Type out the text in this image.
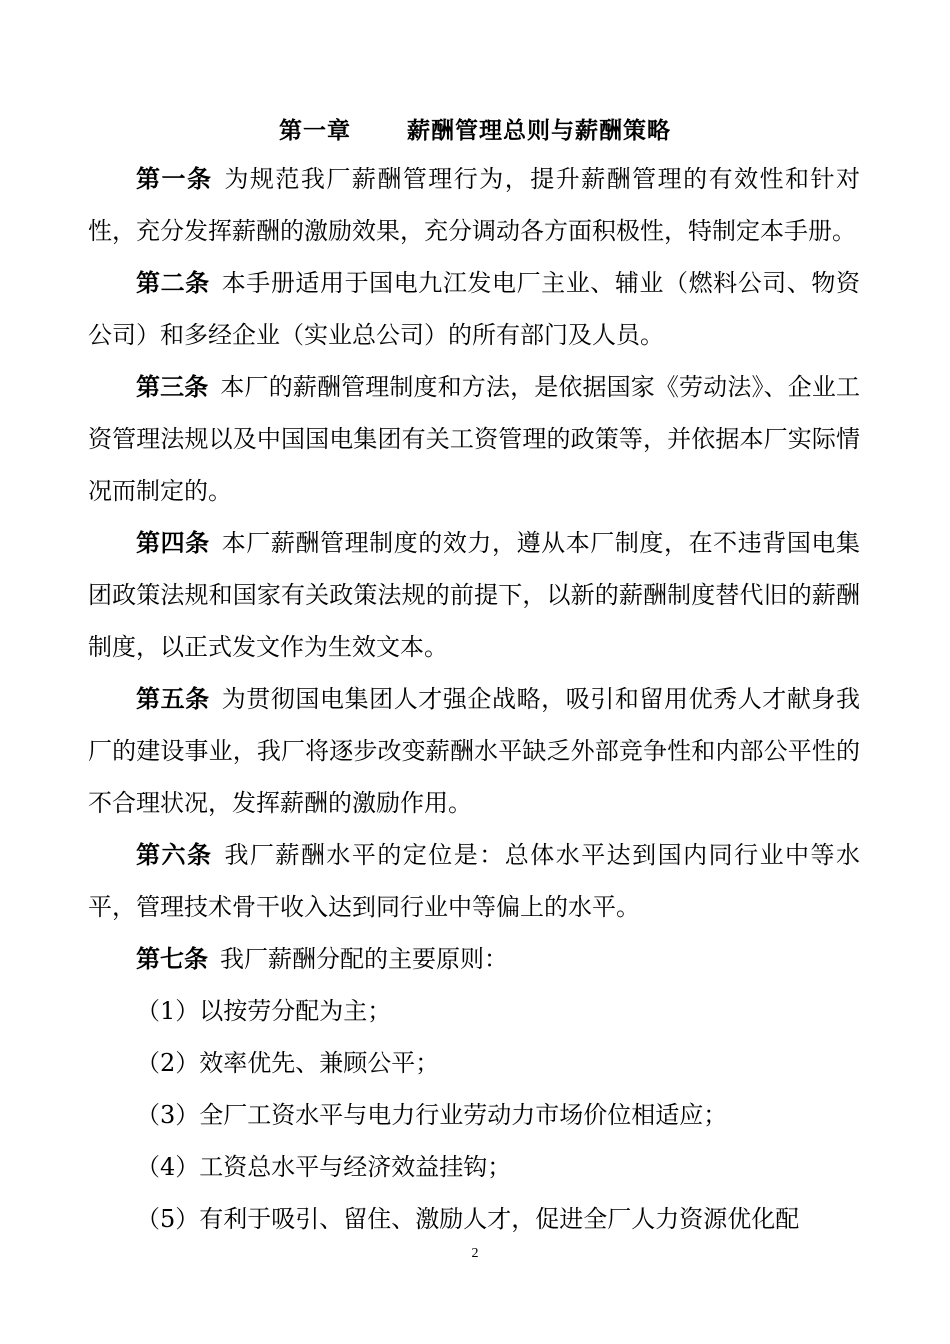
第一章 薪酬管理总则与薪酬策略

第一条 为规范我厂薪酬管理行为，提升薪酬管理的有效性和针对性，充分发挥薪酬的激励效果，充分调动各方面积极性，特制定本手册。

第二条 本手册适用于国电九江发电厂主业、辅业（燃料公司、物资公司）和多经企业（实业总公司）的所有部门及人员。

第三条 本厂的薪酬管理制度和方法，是依据国家《劳动法》、企业工资管理法规以及中国国电集团有关工资管理的政策等，并依据本厂实际情况而制定的。

第四条 本厂薪酬管理制度的效力，遵从本厂制度，在不违背国电集团政策法规和国家有关政策法规的前提下，以新的薪酬制度替代旧的薪酬制度，以正式发文作为生效文本。

第五条 为贯彻国电集团人才强企战略，吸引和留用优秀人才献身我厂的建设事业，我厂将逐步改变薪酬水平缺乏外部竞争性和内部公平性的不合理状况，发挥薪酬的激励作用。

第六条 我厂薪酬水平的定位是：总体水平达到国内同行业中等水平，管理技术骨干收入达到同行业中等偏上的水平。

第七条 我厂薪酬分配的主要原则：

（1）以按劳分配为主；

（2）效率优先、兼顾公平；

（3）全厂工资水平与电力行业劳动力市场价位相适应；

（4）工资总水平与经济效益挂钩；

（5）有利于吸引、留住、激励人才，促进全厂人力资源优化配

2
